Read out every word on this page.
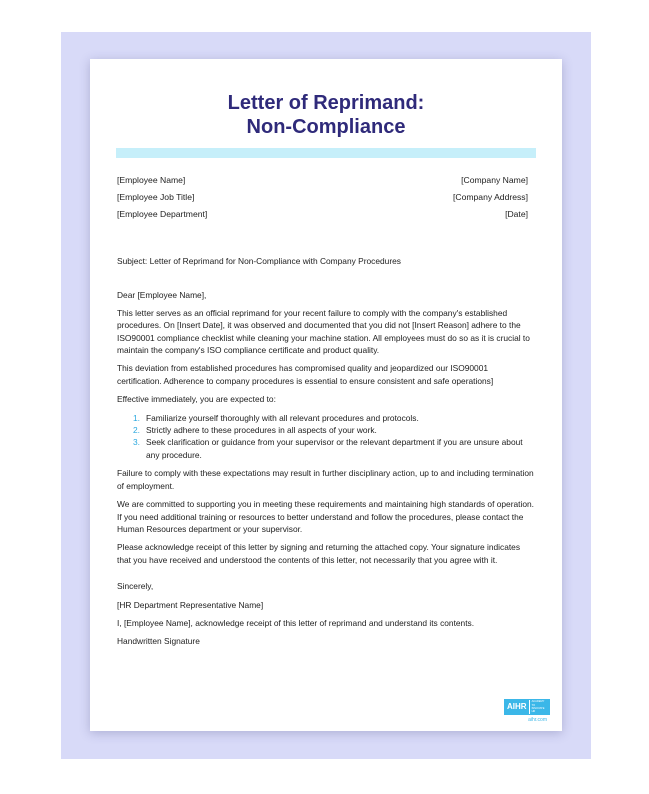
Letter of Reprimand:
Non-Compliance
[Employee Name]
[Employee Job Title]
[Employee Department]
[Company Name]
[Company Address]
[Date]

Subject: Letter of Reprimand for Non-Compliance with Company Procedures

Dear [Employee Name],

This letter serves as an official reprimand for your recent failure to comply with the company's established procedures. On [Insert Date], it was observed and documented that you did not [Insert Reason] adhere to the ISO90001 compliance checklist while cleaning your machine station. All employees must do so as it is crucial to maintain the company's ISO compliance certificate and product quality.

This deviation from established procedures has compromised quality and jeopardized our ISO90001 certification. Adherence to company procedures is essential to ensure consistent and safe operations]

Effective immediately, you are expected to:

1. Familiarize yourself thoroughly with all relevant procedures and protocols.
2. Strictly adhere to these procedures in all aspects of your work.
3. Seek clarification or guidance from your supervisor or the relevant department if you are unsure about any procedure.

Failure to comply with these expectations may result in further disciplinary action, up to and including termination of employment.

We are committed to supporting you in meeting these requirements and maintaining high standards of operation. If you need additional training or resources to better understand and follow the procedures, please contact the Human Resources department or your supervisor.

Please acknowledge receipt of this letter by signing and returning the attached copy. Your signature indicates that you have received and understood the contents of this letter, not necessarily that you agree with it.

Sincerely,

[HR Department Representative Name]

I, [Employee Name], acknowledge receipt of this letter of reprimand and understand its contents.

Handwritten Signature

AIHR
ACADEMY TO INNOVATE HR
aihr.com
